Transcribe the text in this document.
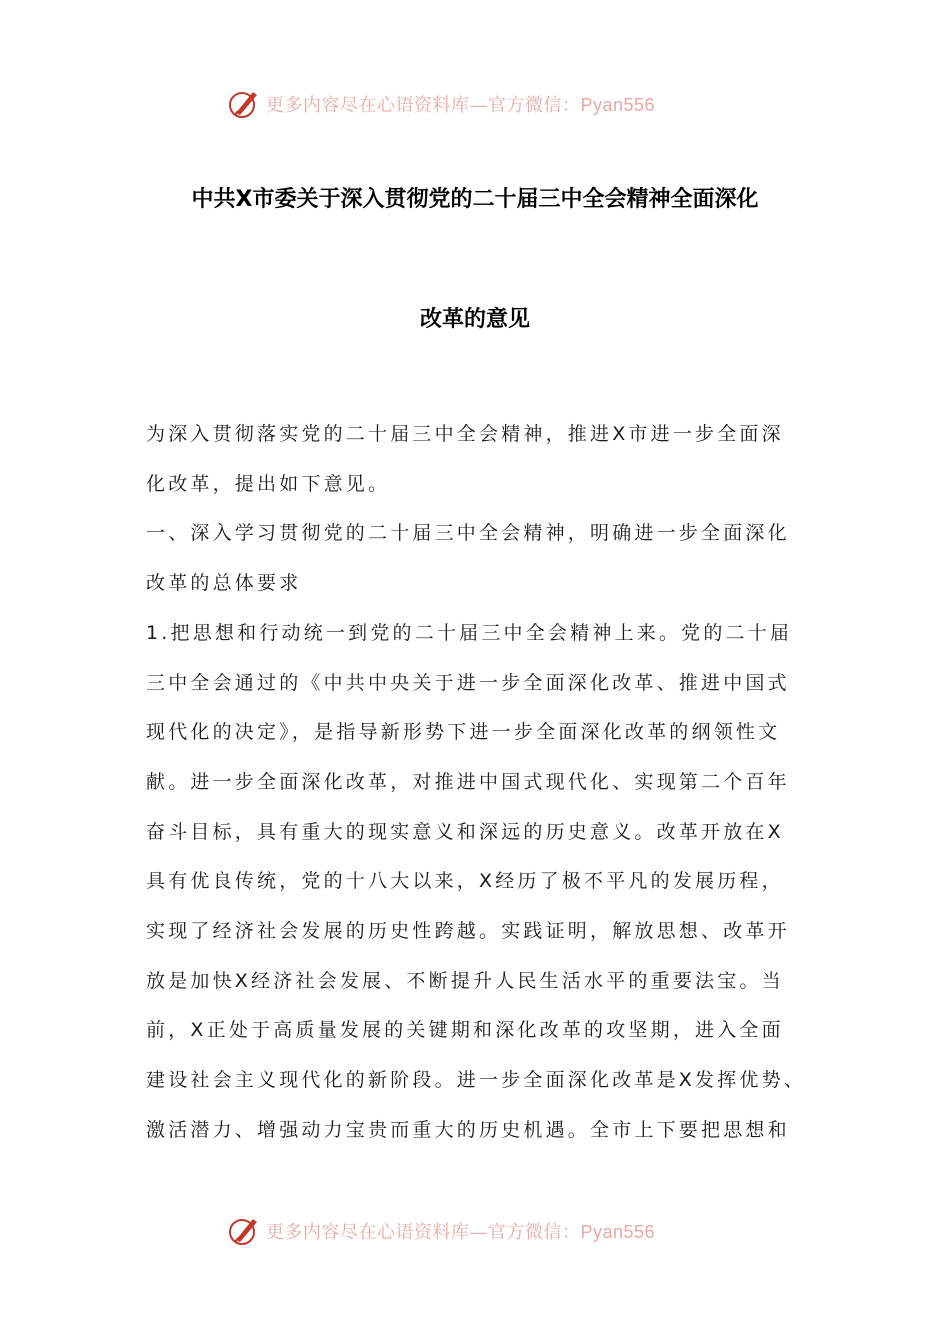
更多内容尽在心语资料库—官方微信：Pyan556
中共X市委关于深入贯彻党的二十届三中全会精神全面深化
改革的意见
为深入贯彻落实党的二十届三中全会精神，推进X市进一步全面深
化改革，提出如下意见。
一、深入学习贯彻党的二十届三中全会精神，明确进一步全面深化
改革的总体要求
1.把思想和行动统一到党的二十届三中全会精神上来。党的二十届
三中全会通过的《中共中央关于进一步全面深化改革、推进中国式
现代化的决定》，是指导新形势下进一步全面深化改革的纲领性文
献。进一步全面深化改革，对推进中国式现代化、实现第二个百年
奋斗目标，具有重大的现实意义和深远的历史意义。改革开放在X
具有优良传统，党的十八大以来，X经历了极不平凡的发展历程，
实现了经济社会发展的历史性跨越。实践证明，解放思想、改革开
放是加快X经济社会发展、不断提升人民生活水平的重要法宝。当
前，X正处于高质量发展的关键期和深化改革的攻坚期，进入全面
建设社会主义现代化的新阶段。进一步全面深化改革是X发挥优势、
激活潜力、增强动力宝贵而重大的历史机遇。全市上下要把思想和
更多内容尽在心语资料库—官方微信：Pyan556
